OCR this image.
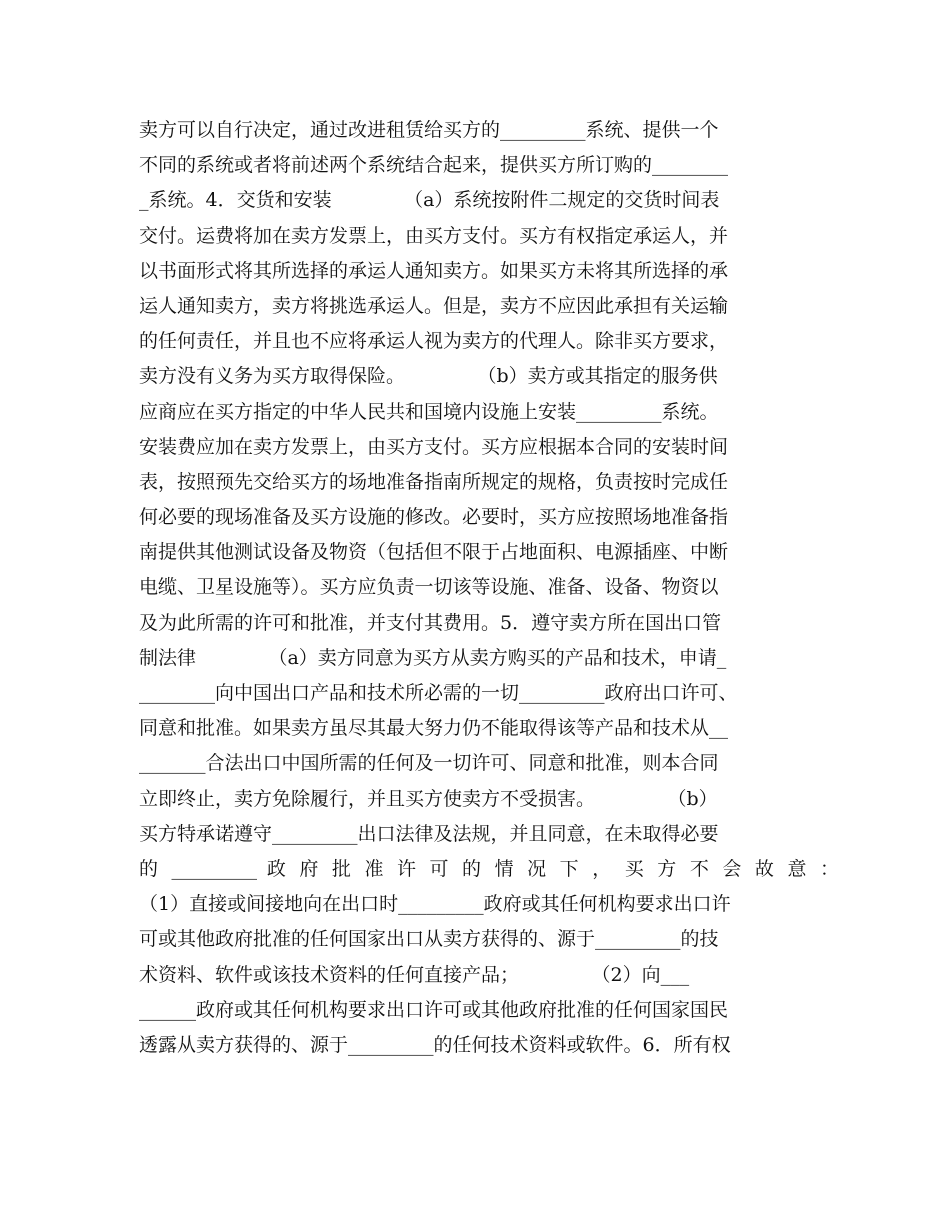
卖方可以自行决定，通过改进租赁给买方的_________系统、提供一个
不同的系统或者将前述两个系统结合起来，提供买方所订购的________
_系统。4．交货和安装            （a）系统按附件二规定的交货时间表
交付。运费将加在卖方发票上，由买方支付。买方有权指定承运人，并
以书面形式将其所选择的承运人通知卖方。如果买方未将其所选择的承
运人通知卖方，卖方将挑选承运人。但是，卖方不应因此承担有关运输
的任何责任，并且也不应将承运人视为卖方的代理人。除非买方要求，
卖方没有义务为买方取得保险。            （b）卖方或其指定的服务供
应商应在买方指定的中华人民共和国境内设施上安装_________系统。
安装费应加在卖方发票上，由买方支付。买方应根据本合同的安装时间
表，按照预先交给买方的场地准备指南所规定的规格，负责按时完成任
何必要的现场准备及买方设施的修改。必要时，买方应按照场地准备指
南提供其他测试设备及物资（包括但不限于占地面积、电源插座、中断
电缆、卫星设施等）。买方应负责一切该等设施、准备、设备、物资以
及为此所需的许可和批准，并支付其费用。5．遵守卖方所在国出口管
制法律            （a）卖方同意为买方从卖方购买的产品和技术，申请_
________向中国出口产品和技术所必需的一切_________政府出口许可、
同意和批准。如果卖方虽尽其最大努力仍不能取得该等产品和技术从__
_______合法出口中国所需的任何及一切许可、同意和批准，则本合同
立即终止，卖方免除履行，并且买方使卖方不受损害。            （b）
买方特承诺遵守_________出口法律及法规，并且同意，在未取得必要
的 _________ 政 府 批 准 许 可 的 情 况 下 ， 买 方 不 会 故 意 ：
（1）直接或间接地向在出口时_________政府或其任何机构要求出口许
可或其他政府批准的任何国家出口从卖方获得的、源于_________的技
术资料、软件或该技术资料的任何直接产品；            （2）向___
______政府或其任何机构要求出口许可或其他政府批准的任何国家国民
透露从卖方获得的、源于_________的任何技术资料或软件。6．所有权
